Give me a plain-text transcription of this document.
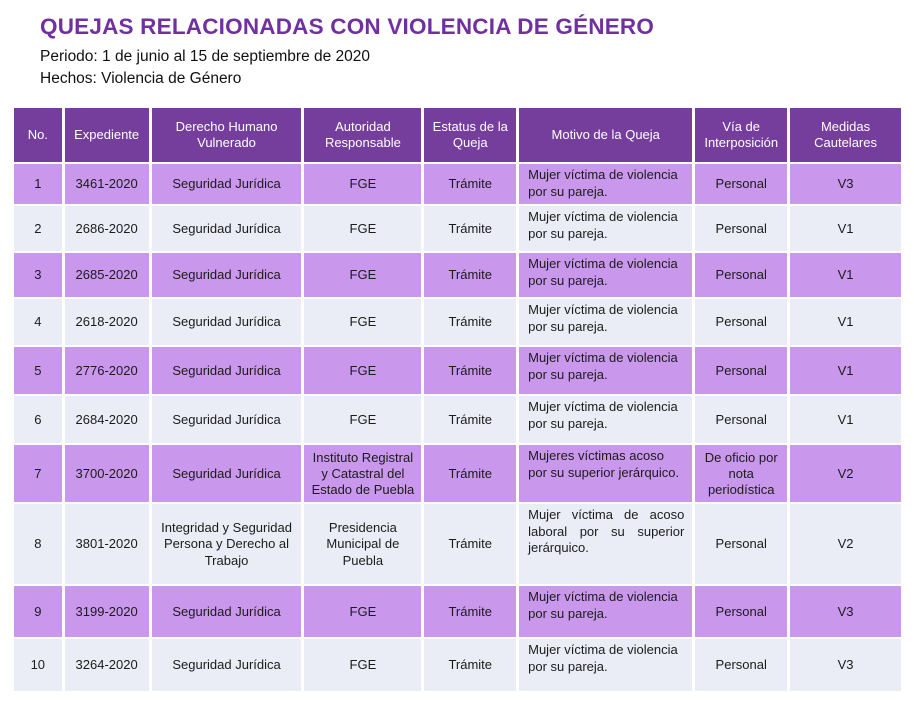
QUEJAS RELACIONADAS CON VIOLENCIA DE GÉNERO

Periodo: 1 de junio al 15 de septiembre de 2020

Hechos: Violencia de Género

No.	Expediente	Derecho Humano Vulnerado	Autoridad Responsable	Estatus de la Queja	Motivo de la Queja	Vía de Interposición	Medidas Cautelares
1	3461-2020	Seguridad Jurídica	FGE	Trámite	Mujer víctima de violencia por su pareja.	Personal	V3
2	2686-2020	Seguridad Jurídica	FGE	Trámite	Mujer víctima de violencia por su pareja.	Personal	V1
3	2685-2020	Seguridad Jurídica	FGE	Trámite	Mujer víctima de violencia por su pareja.	Personal	V1
4	2618-2020	Seguridad Jurídica	FGE	Trámite	Mujer víctima de violencia por su pareja.	Personal	V1
5	2776-2020	Seguridad Jurídica	FGE	Trámite	Mujer víctima de violencia por su pareja.	Personal	V1
6	2684-2020	Seguridad Jurídica	FGE	Trámite	Mujer víctima de violencia por su pareja.	Personal	V1
7	3700-2020	Seguridad Jurídica	Instituto Registral y Catastral del Estado de Puebla	Trámite	Mujeres víctimas acoso por su superior jerárquico.	De oficio por nota periodística	V2
8	3801-2020	Integridad y Seguridad Persona y Derecho al Trabajo	Presidencia Municipal de Puebla	Trámite	Mujer víctima de acoso laboral por su superior jerárquico.	Personal	V2
9	3199-2020	Seguridad Jurídica	FGE	Trámite	Mujer víctima de violencia por su pareja.	Personal	V3
10	3264-2020	Seguridad Jurídica	FGE	Trámite	Mujer víctima de violencia por su pareja.	Personal	V3
